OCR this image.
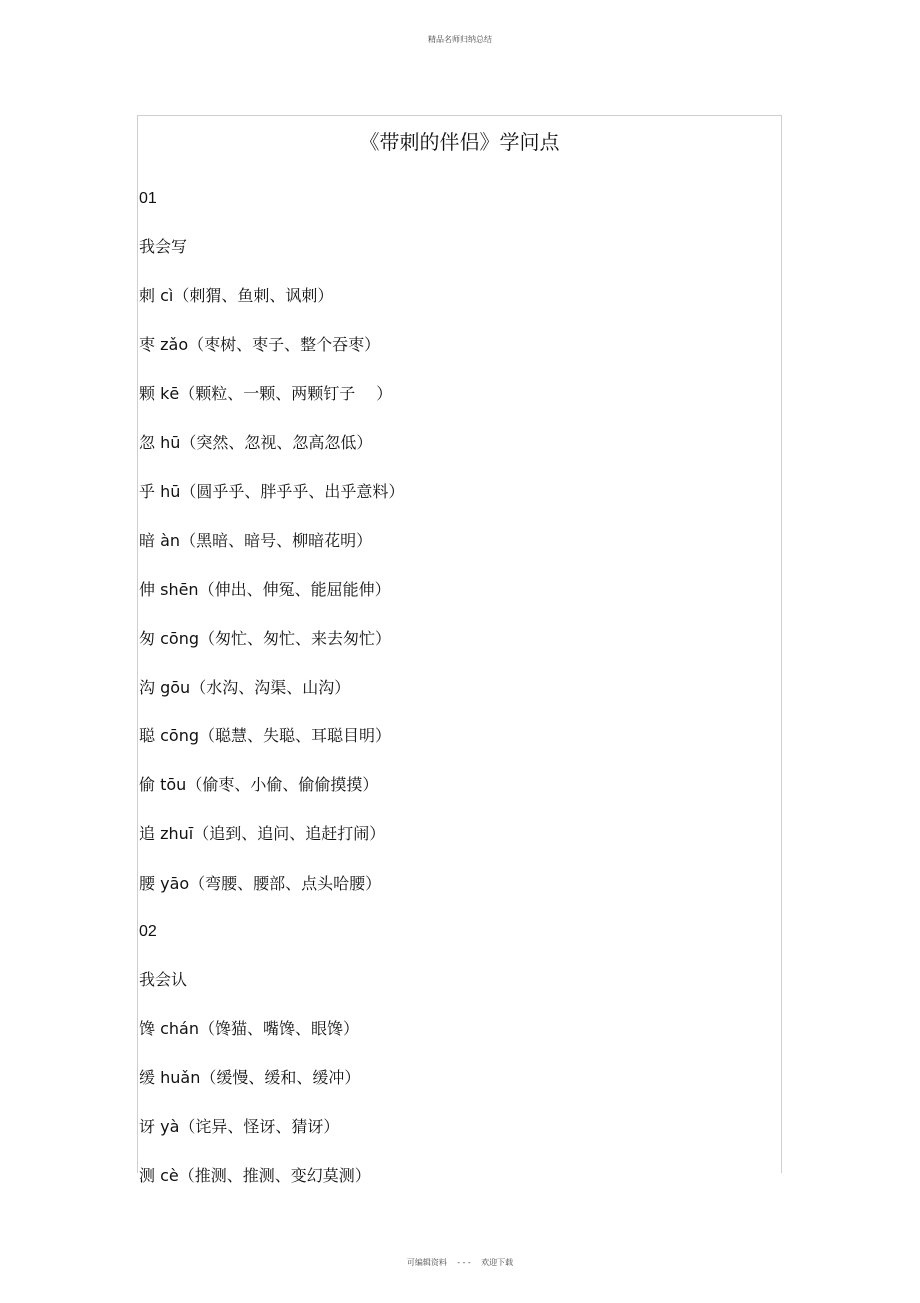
精品名师归纳总结
《带刺的伴侣》学问点
01
我会写
刺 cì（刺猬、鱼刺、讽刺）
枣 zǎo（枣树、枣子、整个吞枣）
颗 kē（颗粒、一颗、两颗钉子　 ）
忽 hū（突然、忽视、忽高忽低）
乎 hū（圆乎乎、胖乎乎、出乎意料）
暗 àn（黑暗、暗号、柳暗花明）
伸 shēn（伸出、伸冤、能屈能伸）
匆 cōng（匆忙、匆忙、来去匆忙）
沟 gōu（水沟、沟渠、山沟）
聪 cōng（聪慧、失聪、耳聪目明）
偷 tōu（偷枣、小偷、偷偷摸摸）
追 zhuī（追到、追问、追赶打闹）
腰 yāo（弯腰、腰部、点头哈腰）
02
我会认
馋 chán（馋猫、嘴馋、眼馋）
缓 huǎn（缓慢、缓和、缓冲）
讶 yà（诧异、怪讶、猜讶）
测 cè（推测、推测、变幻莫测）
可编辑资料　 - - -　 欢迎下载
